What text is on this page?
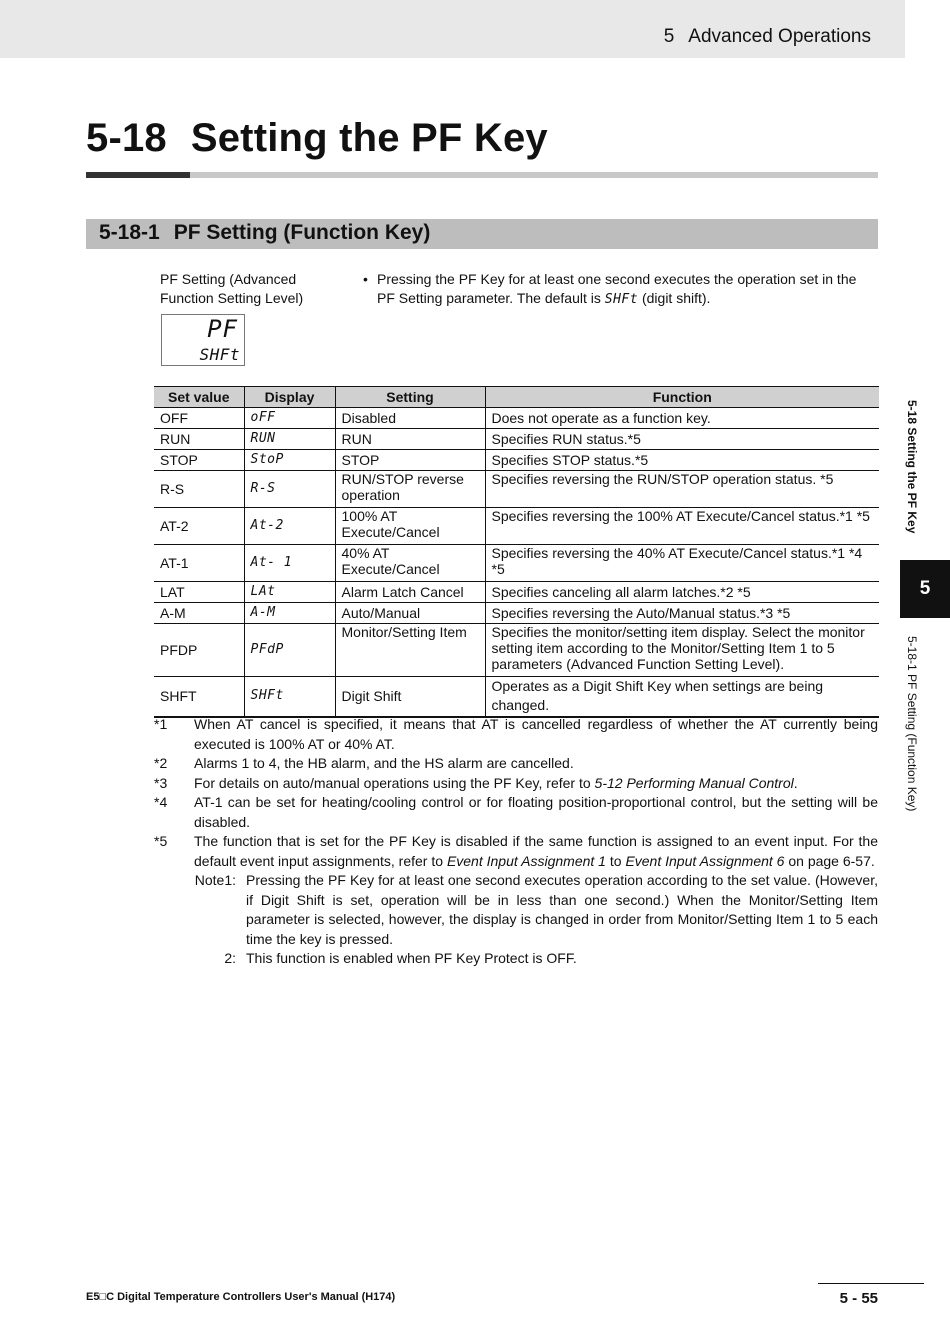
5 Advanced Operations
5-18 Setting the PF Key
5-18-1 PF Setting (Function Key)
PF Setting (Advanced
Function Setting Level)
PF
SHFt
• Pressing the PF Key for at least one second executes the operation set in the PF Setting parameter. The default is SHFt (digit shift).
Set value	Display	Setting	Function
OFF	oFF	Disabled	Does not operate as a function key.
RUN	RUN	RUN	Specifies RUN status.*5
STOP	StoP	STOP	Specifies STOP status.*5
R-S	R-S	RUN/STOP reverse operation	Specifies reversing the RUN/STOP operation status. *5
AT-2	At-2	100% AT Execute/Cancel	Specifies reversing the 100% AT Execute/Cancel status.*1 *5
AT-1	At- 1	40% AT Execute/Cancel	Specifies reversing the 40% AT Execute/Cancel status.*1 *4 *5
LAT	LAt	Alarm Latch Cancel	Specifies canceling all alarm latches.*2 *5
A-M	A-M	Auto/Manual	Specifies reversing the Auto/Manual status.*3 *5
PFDP	PFdP	Monitor/Setting Item	Specifies the monitor/setting item display. Select the monitor setting item according to the Monitor/Setting Item 1 to 5 parameters (Advanced Function Setting Level).
SHFT	SHFt	Digit Shift	Operates as a Digit Shift Key when settings are being changed.
*1 When AT cancel is specified, it means that AT is cancelled regardless of whether the AT currently being executed is 100% AT or 40% AT.
*2 Alarms 1 to 4, the HB alarm, and the HS alarm are cancelled.
*3 For details on auto/manual operations using the PF Key, refer to 5-12 Performing Manual Control.
*4 AT-1 can be set for heating/cooling control or for floating position-proportional control, but the setting will be disabled.
*5 The function that is set for the PF Key is disabled if the same function is assigned to an event input. For the default event input assignments, refer to Event Input Assignment 1 to Event Input Assignment 6 on page 6-57.
Note1: Pressing the PF Key for at least one second executes operation according to the set value. (However, if Digit Shift is set, operation will be in less than one second.) When the Monitor/Setting Item parameter is selected, however, the display is changed in order from Monitor/Setting Item 1 to 5 each time the key is pressed.
2: This function is enabled when PF Key Protect is OFF.
5-18 Setting the PF Key
5
5-18-1 PF Setting (Function Key)
E5□C Digital Temperature Controllers User's Manual (H174)	5 - 55
